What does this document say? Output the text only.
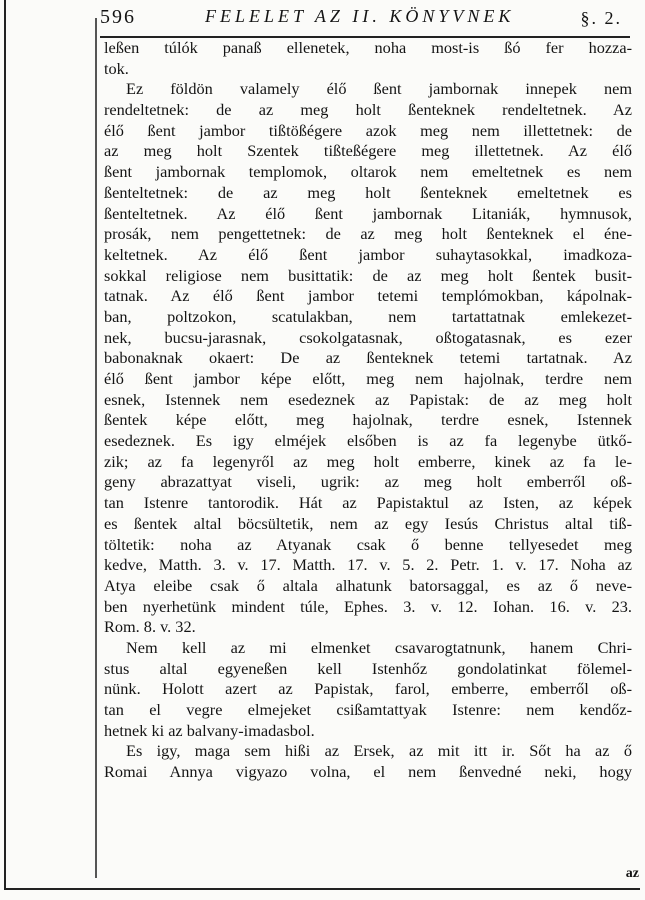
596	FELELET AZ II. KÖNYVNEK	§. 2.
leßen túlók panaß ellenetek, noha most-is ßó fer hozza-
tok.
Ez földön valamely élő ßent jambornak innepek nem
rendeltetnek: de az meg holt ßenteknek rendeltetnek. Az
élő ßent jambor tißtößégere azok meg nem illettetnek: de
az meg holt Szentek tißteßégere meg illettetnek. Az élő
ßent jambornak templomok, oltarok nem emeltetnek es nem
ßenteltetnek: de az meg holt ßenteknek emeltetnek es
ßenteltetnek. Az élő ßent jambornak Litaniák, hymnusok,
prosák, nem pengettetnek: de az meg holt ßenteknek el éne-
keltetnek. Az élő ßent jambor suhaytasokkal, imadkoza-
sokkal religiose nem busittatik: de az meg holt ßentek busit-
tatnak. Az élő ßent jambor tetemi templómokban, kápolnak-
ban, poltzokon, scatulakban, nem tartattatnak emlekezet-
nek, bucsu-jarasnak, csokolgatasnak, oßtogatasnak, es ezer
babonaknak okaert: De az ßenteknek tetemi tartatnak. Az
élő ßent jambor képe előtt, meg nem hajolnak, terdre nem
esnek, Istennek nem esedeznek az Papistak: de az meg holt
ßentek képe előtt, meg hajolnak, terdre esnek, Istennek
esedeznek. Es igy elméjek elsőben is az fa legenybe ütkő-
zik; az fa legenyről az meg holt emberre, kinek az fa le-
geny abrazattyat viseli, ugrik: az meg holt emberről oß-
tan Istenre tantorodik. Hát az Papistaktul az Isten, az képek
es ßentek altal böcsültetik, nem az egy Iesús Christus altal tiß-
töltetik: noha az Atyanak csak ő benne tellyesedet meg
kedve, Matth. 3. v. 17. Matth. 17. v. 5. 2. Petr. 1. v. 17. Noha az
Atya eleibe csak ő altala alhatunk batorsaggal, es az ő neve-
ben nyerhetünk mindent túle, Ephes. 3. v. 12. Iohan. 16. v. 23.
Rom. 8. v. 32.
Nem kell az mi elmenket csavarogtatnunk, hanem Chri-
stus altal egyeneßen kell Istenhőz gondolatinkat fölemel-
nünk. Holott azert az Papistak, farol, emberre, emberről oß-
tan el vegre elmejeket csißamtattyak Istenre: nem kendőz-
hetnek ki az balvany-imadasbol.
Es igy, maga sem hißi az Ersek, az mit itt ir. Sőt ha az ő
Romai Annya vigyazo volna, el nem ßenvedné neki, hogy
az
